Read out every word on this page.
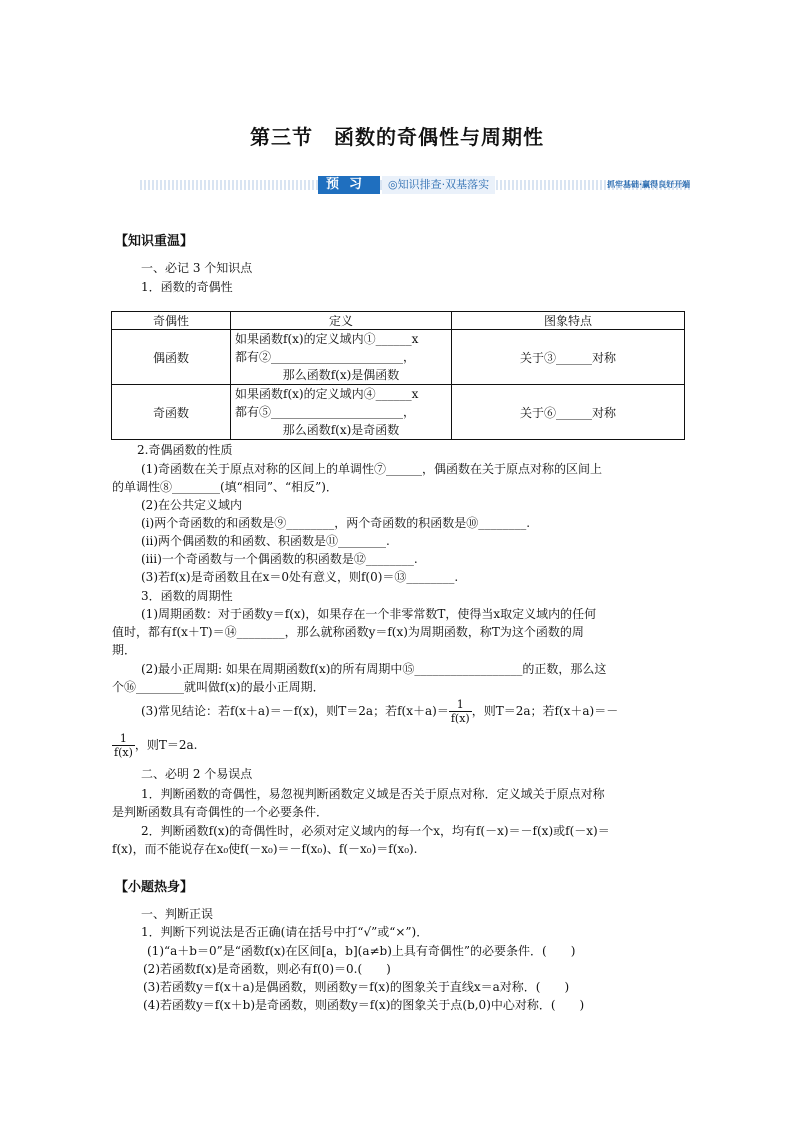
第三节　函数的奇偶性与周期性
预习	◎知识排查·双基落实	抓牢基础·赢得良好开端
【知识重温】
一、必记 3 个知识点
1．函数的奇偶性
奇偶性	定义	图象特点
偶函数	如果函数f(x)的定义域内①______x
都有②______________________，
那么函数f(x)是偶函数	关于③______对称
奇函数	如果函数f(x)的定义域内④______x
都有⑤______________________，
那么函数f(x)是奇函数	关于⑥______对称
2.奇偶函数的性质
(1)奇函数在关于原点对称的区间上的单调性⑦______，偶函数在关于原点对称的区间上
的单调性⑧________(填“相同”、“相反”)．
(2)在公共定义域内
(ⅰ)两个奇函数的和函数是⑨________，两个奇函数的积函数是⑩________.
(ⅱ)两个偶函数的和函数、积函数是⑪________.
(ⅲ)一个奇函数与一个偶函数的积函数是⑫________.
(3)若f(x)是奇函数且在x＝0处有意义，则f(0)＝⑬________.
3．函数的周期性
(1)周期函数：对于函数y＝f(x)，如果存在一个非零常数T，使得当x取定义域内的任何
值时，都有f(x＋T)＝⑭________，那么就称函数y＝f(x)为周期函数，称T为这个函数的周
期．
(2)最小正周期: 如果在周期函数f(x)的所有周期中⑮__________________的正数，那么这
个⑯________就叫做f(x)的最小正周期．
(3)常见结论：若f(x＋a)＝－f(x)，则T＝2a；若$f(x+a)= \frac{1}{f(x)}$ ，则T＝2a；若f(x＋a)＝－
$\frac{1}{f(x)}$ ，则T＝2a.
二、必明 2 个易误点
1．判断函数的奇偶性，易忽视判断函数定义域是否关于原点对称．定义域关于原点对称
是判断函数具有奇偶性的一个必要条件．
2．判断函数f(x)的奇偶性时，必须对定义域内的每一个x，均有f(－x)＝－f(x)或f(－x)＝
f(x)，而不能说存在x₀使f(－x₀)＝－f(x₀)、f(－x₀)＝f(x₀).
【小题热身】
一、判断正误
1．判断下列说法是否正确(请在括号中打“√”或“×”)．
(1)“a＋b＝0”是“函数f(x)在区间[a，b](a≠b)上具有奇偶性”的必要条件．(　　)
(2)若函数f(x)是奇函数，则必有f(0)＝0.(　　)
(3)若函数y＝f(x＋a)是偶函数，则函数y＝f(x)的图象关于直线x＝a对称．(　　)
(4)若函数y＝f(x＋b)是奇函数，则函数y＝f(x)的图象关于点(b,0)中心对称．(　　)
